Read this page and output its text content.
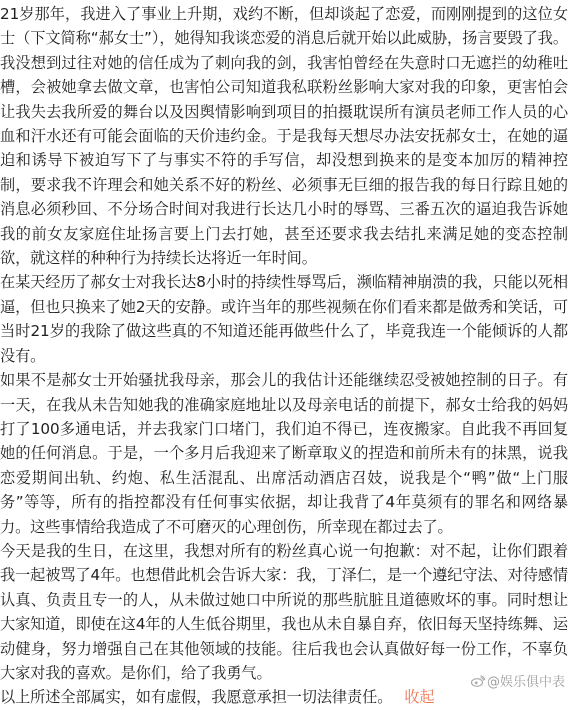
21岁那年，我进入了事业上升期，戏约不断，但却谈起了恋爱，而刚刚提到的这位女士（下文简称“郝女士”），她得知我谈恋爱的消息后就开始以此威胁，扬言要毁了我。我没想到过往对她的信任成为了刺向我的剑，我害怕曾经在失意时口无遮拦的幼稚吐槽，会被她拿去做文章，也害怕公司知道我私联粉丝影响大家对我的印象，更害怕会让我失去我所爱的舞台以及因舆情影响到项目的拍摄耽误所有演员老师工作人员的心血和汗水还有可能会面临的天价违约金。于是我每天想尽办法安抚郝女士，在她的逼迫和诱导下被迫写下了与事实不符的手写信，却没想到换来的是变本加厉的精神控制，要求我不许理会和她关系不好的粉丝、必须事无巨细的报告我的每日行踪且她的消息必须秒回、不分场合时间对我进行长达几小时的辱骂、三番五次的逼迫我告诉她我的前女友家庭住址扬言要上门去打她，甚至还要求我去结扎来满足她的变态控制欲，就这样的种种行为持续长达将近一年时间。

在某天经历了郝女士对我长达8小时的持续性辱骂后，濒临精神崩溃的我，只能以死相逼，但也只换来了她2天的安静。或许当年的那些视频在你们看来都是做秀和笑话，可当时21岁的我除了做这些真的不知道还能再做些什么了，毕竟我连一个能倾诉的人都没有。

如果不是郝女士开始骚扰我母亲，那会儿的我估计还能继续忍受被她控制的日子。有一天，在我从未告知她我的准确家庭地址以及母亲电话的前提下，郝女士给我的妈妈打了100多通电话，并去我家门口堵门，我们迫不得已，连夜搬家。自此我不再回复她的任何消息。于是，一个多月后我迎来了断章取义的捏造和前所未有的抹黑，说我恋爱期间出轨、约炮、私生活混乱、出席活动酒店召妓，说我是个“鸭”做“上门服务”等等，所有的指控都没有任何事实依据，却让我背了4年莫须有的罪名和网络暴力。这些事情给我造成了不可磨灭的心理创伤，所幸现在都过去了。

今天是我的生日，在这里，我想对所有的粉丝真心说一句抱歉：对不起，让你们跟着我一起被骂了4年。也想借此机会告诉大家：我，丁泽仁，是一个遵纪守法、对待感情认真、负责且专一的人，从未做过她口中所说的那些肮脏且道德败坏的事。同时想让大家知道，即使在这4年的人生低谷期里，我也从未自暴自弃，依旧每天坚持练舞、运动健身，努力增强自己在其他领域的技能。往后我也会认真做好每一份工作，不辜负大家对我的喜欢。是你们，给了我勇气。

以上所述全部属实，如有虚假，我愿意承担一切法律责任。 收起

@娱乐俱中表
